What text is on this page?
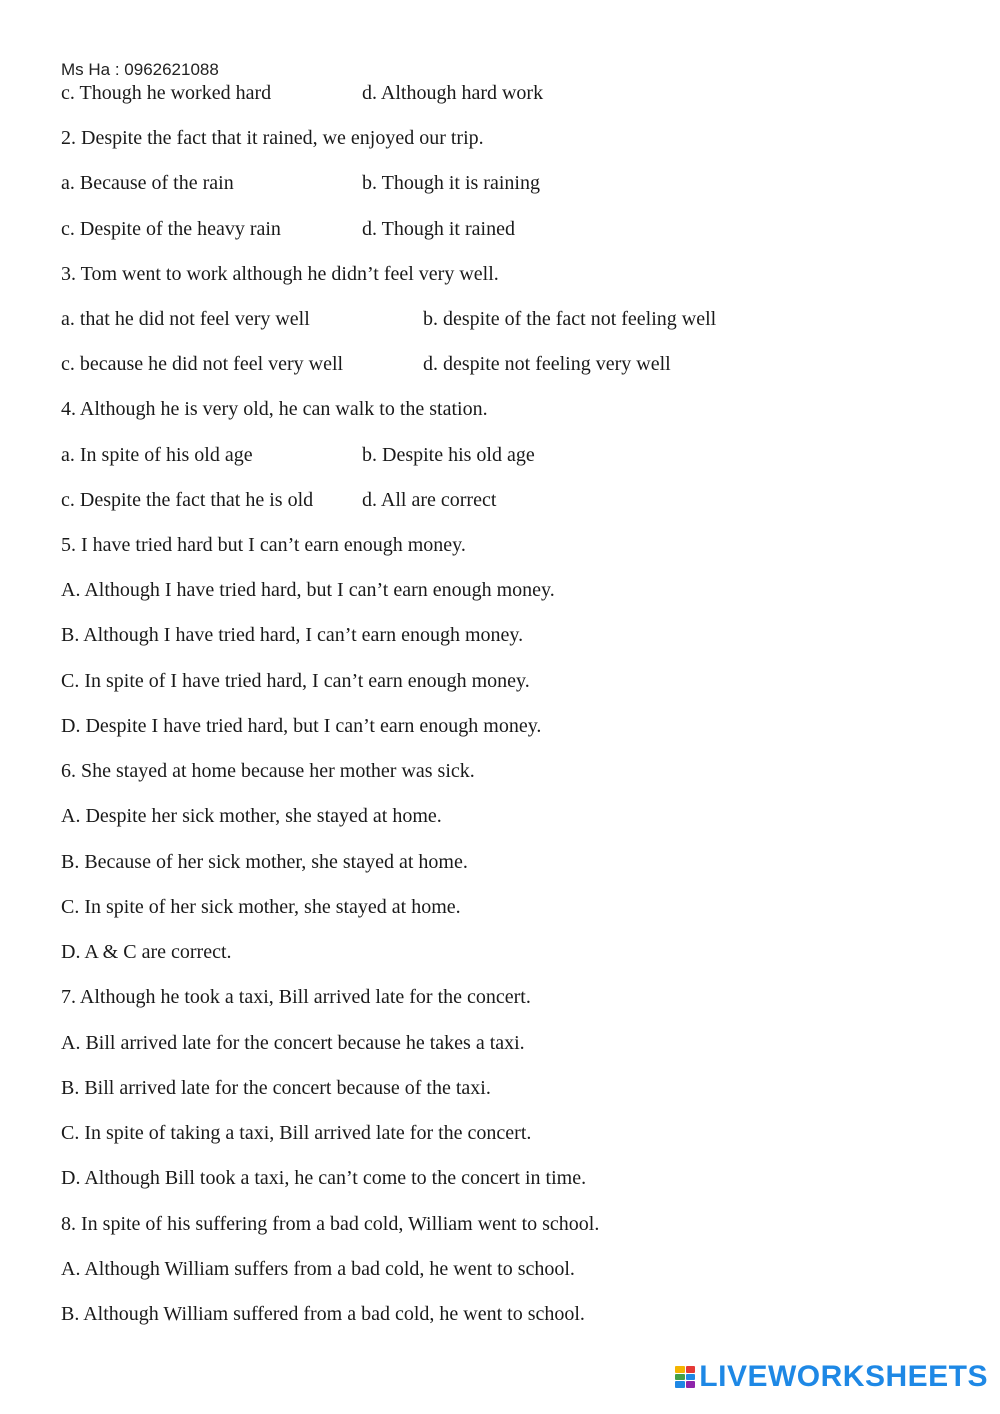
Ms Ha : 0962621088
c. Though he worked hard	d. Although hard work
2. Despite the fact that it rained, we enjoyed our trip.
a. Because of the rain	b. Though it is raining
c. Despite of the heavy rain	d. Though it rained
3. Tom went to work although he didn’t feel very well.
a. that he did not feel very well	b. despite of the fact not feeling well
c. because he did not feel very well	d. despite not feeling very well
4. Although he is very old, he can walk to the station.
a. In spite of his old age	b. Despite his old age
c. Despite the fact that he is old d. All are correct
5. I have tried hard but I can’t earn enough money.
A. Although I have tried hard, but I can’t earn enough money.
B. Although I have tried hard, I can’t earn enough money.
C. In spite of I have tried hard, I can’t earn enough money.
D. Despite I have tried hard, but I can’t earn enough money.
6. She stayed at home because her mother was sick.
A. Despite her sick mother, she stayed at home.
B. Because of her sick mother, she stayed at home.
C. In spite of her sick mother, she stayed at home.
D. A & C are correct.
7. Although he took a taxi, Bill arrived late for the concert.
A. Bill arrived late for the concert because he takes a taxi.
B. Bill arrived late for the concert because of the taxi.
C. In spite of taking a taxi, Bill arrived late for the concert.
D. Although Bill took a taxi, he can’t come to the concert in time.
8. In spite of his suffering from a bad cold, William went to school.
A. Although William suffers from a bad cold, he went to school.
B. Although William suffered from a bad cold, he went to school.
LIVEWORKSHEETS
